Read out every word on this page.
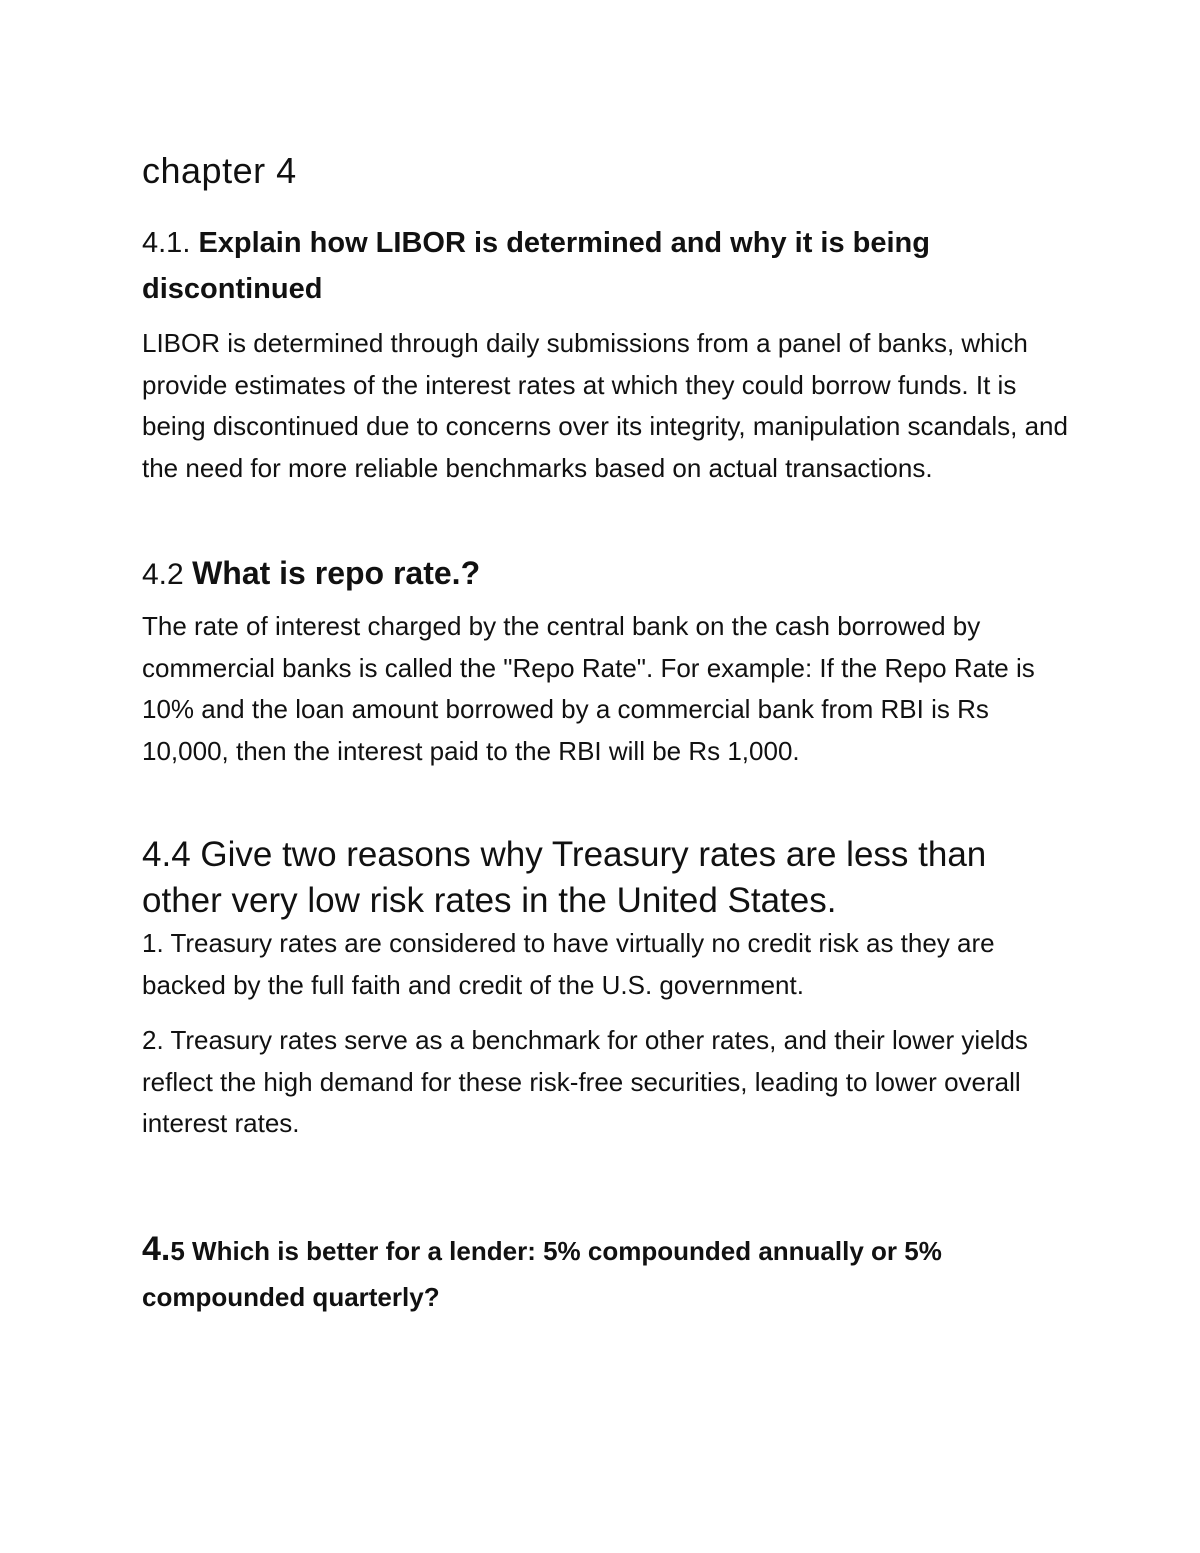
chapter 4
4.1. Explain how LIBOR is determined and why it is being discontinued

LIBOR is determined through daily submissions from a panel of banks, which provide estimates of the interest rates at which they could borrow funds. It is being discontinued due to concerns over its integrity, manipulation scandals, and the need for more reliable benchmarks based on actual transactions.

4.2 What is repo rate.?

The rate of interest charged by the central bank on the cash borrowed by commercial banks is called the "Repo Rate". For example: If the Repo Rate is 10% and the loan amount borrowed by a commercial bank from RBI is Rs 10,000, then the interest paid to the RBI will be Rs 1,000.

4.4 Give two reasons why Treasury rates are less than other very low risk rates in the United States.

1. Treasury rates are considered to have virtually no credit risk as they are backed by the full faith and credit of the U.S. government.

2. Treasury rates serve as a benchmark for other rates, and their lower yields reflect the high demand for these risk-free securities, leading to lower overall interest rates.

4.5 Which is better for a lender: 5% compounded annually or 5% compounded quarterly?
